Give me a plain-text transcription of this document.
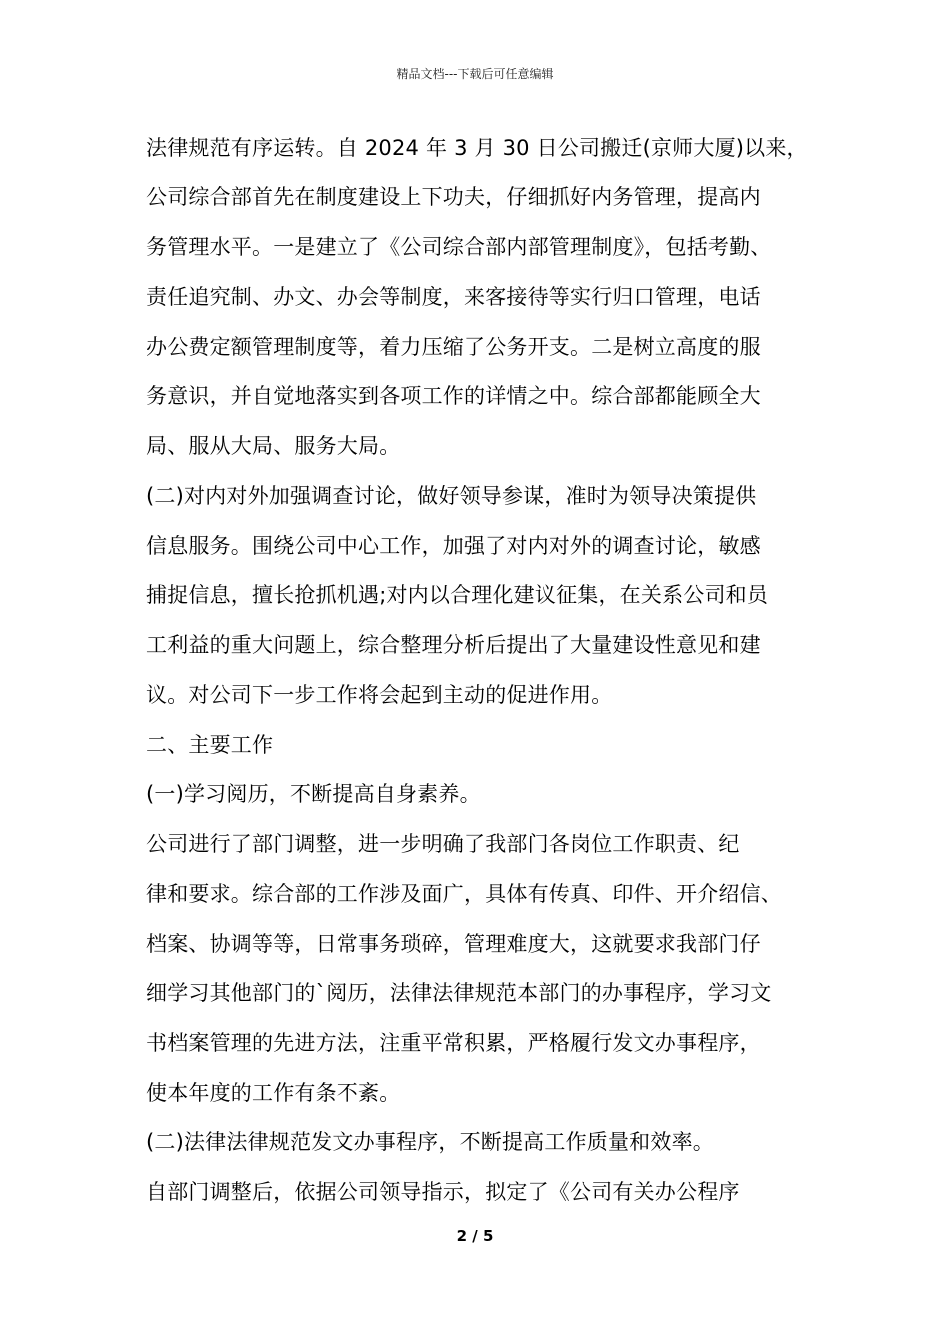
精品文档---下载后可任意编辑
法律规范有序运转。自 2024 年 3 月 30 日公司搬迁(京师大厦)以来，
公司综合部首先在制度建设上下功夫，仔细抓好内务管理，提高内
务管理水平。一是建立了《公司综合部内部管理制度》，包括考勤、
责任追究制、办文、办会等制度，来客接待等实行归口管理，电话
办公费定额管理制度等，着力压缩了公务开支。二是树立高度的服
务意识，并自觉地落实到各项工作的详情之中。综合部都能顾全大
局、服从大局、服务大局。
(二)对内对外加强调查讨论，做好领导参谋，准时为领导决策提供
信息服务。围绕公司中心工作，加强了对内对外的调查讨论，敏感
捕捉信息，擅长抢抓机遇;对内以合理化建议征集，在关系公司和员
工利益的重大问题上，综合整理分析后提出了大量建设性意见和建
议。对公司下一步工作将会起到主动的促进作用。
二、主要工作
(一)学习阅历，不断提高自身素养。
公司进行了部门调整，进一步明确了我部门各岗位工作职责、纪
律和要求。综合部的工作涉及面广，具体有传真、印件、开介绍信、
档案、协调等等，日常事务琐碎，管理难度大，这就要求我部门仔
细学习其他部门的`阅历，法律法律规范本部门的办事程序，学习文
书档案管理的先进方法，注重平常积累，严格履行发文办事程序，
使本年度的工作有条不紊。
(二)法律法律规范发文办事程序，不断提高工作质量和效率。
自部门调整后，依据公司领导指示，拟定了《公司有关办公程序
2 / 5
